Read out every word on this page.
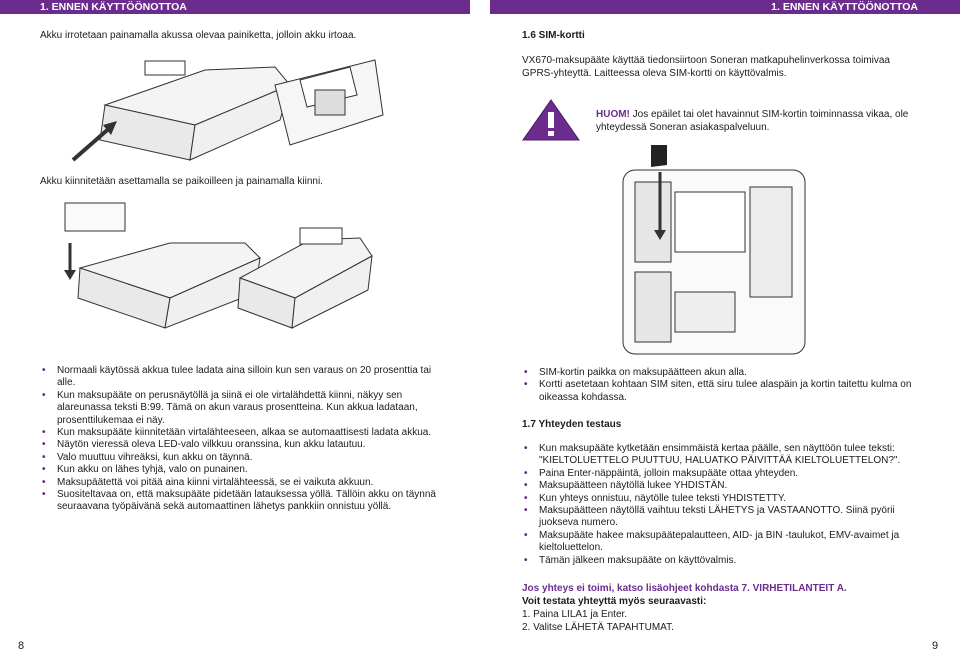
1. ENNEN KÄYTTÖÖNOTTOA	1. ENNEN KÄYTTÖÖNOTTOA
Akku irrotetaan painamalla akussa olevaa painiketta, jolloin akku irtoaa.
Akku kiinnitetään asettamalla se paikoilleen ja painamalla kiinni.
• Normaali käytössä akkua tulee ladata aina silloin kun sen varaus on 20 prosenttia tai alle.
• Kun maksupääte on perusnäytöllä ja siinä ei ole virtalähdettä kiinni, näkyy sen alareunassa teksti B:99. Tämä on akun varaus prosentteina. Kun akkua ladataan, prosenttilukemaa ei näy.
• Kun maksupääte kiinnitetään virtalähteeseen, alkaa se automaattisesti ladata akkua.
• Näytön vieressä oleva LED-valo vilkkuu oranssina, kun akku latautuu.
• Valo muuttuu vihreäksi, kun akku on täynnä.
• Kun akku on lähes tyhjä, valo on punainen.
• Maksupäätettä voi pitää aina kiinni virtalähteessä, se ei vaikuta akkuun.
• Suositeltavaa on, että maksupääte pidetään latauksessa yöllä. Tällöin akku on täynnä seuraavana työpäivänä sekä automaattinen lähetys pankkiin onnistuu yöllä.
8
1.6 SIM-kortti
VX670-maksupääte käyttää tiedonsiirtoon Soneran matkapuhelinverkossa toimivaa GPRS-yhteyttä. Laitteessa oleva SIM-kortti on käyttövalmis.
HUOM! Jos epäilet tai olet havainnut SIM-kortin toiminnassa vikaa, ole yhteydessä Soneran asiakaspalveluun.
• SIM-kortin paikka on maksupäätteen akun alla.
• Kortti asetetaan kohtaan SIM siten, että siru tulee alaspäin ja kortin taitettu kulma on oikeassa kohdassa.
1.7 Yhteyden testaus
• Kun maksupääte kytketään ensimmäistä kertaa päälle, sen näyttöön tulee teksti: "KIELTOLUETTELO PUUTTUU, HALUATKO PÄIVITTÄÄ KIELTOLUETTELON?".
• Paina Enter-näppäintä, jolloin maksupääte ottaa yhteyden.
• Maksupäätteen näytöllä lukee YHDISTÄN.
• Kun yhteys onnistuu, näytölle tulee teksti YHDISTETTY.
• Maksupäätteen näytöllä vaihtuu teksti LÄHETYS ja VASTAANOTTO. Siinä pyörii juokseva numero.
• Maksupääte hakee maksupäätepalautteen, AID- ja BIN -taulukot, EMV-avaimet ja kieltoluettelon.
• Tämän jälkeen maksupääte on käyttövalmis.
Jos yhteys ei toimi, katso lisäohjeet kohdasta 7. VIRHETILANTEIT A.
Voit testata yhteyttä myös seuraavasti:
1. Paina LILA1 ja Enter.
2. Valitse LÄHETÄ TAPAHTUMAT.
9
